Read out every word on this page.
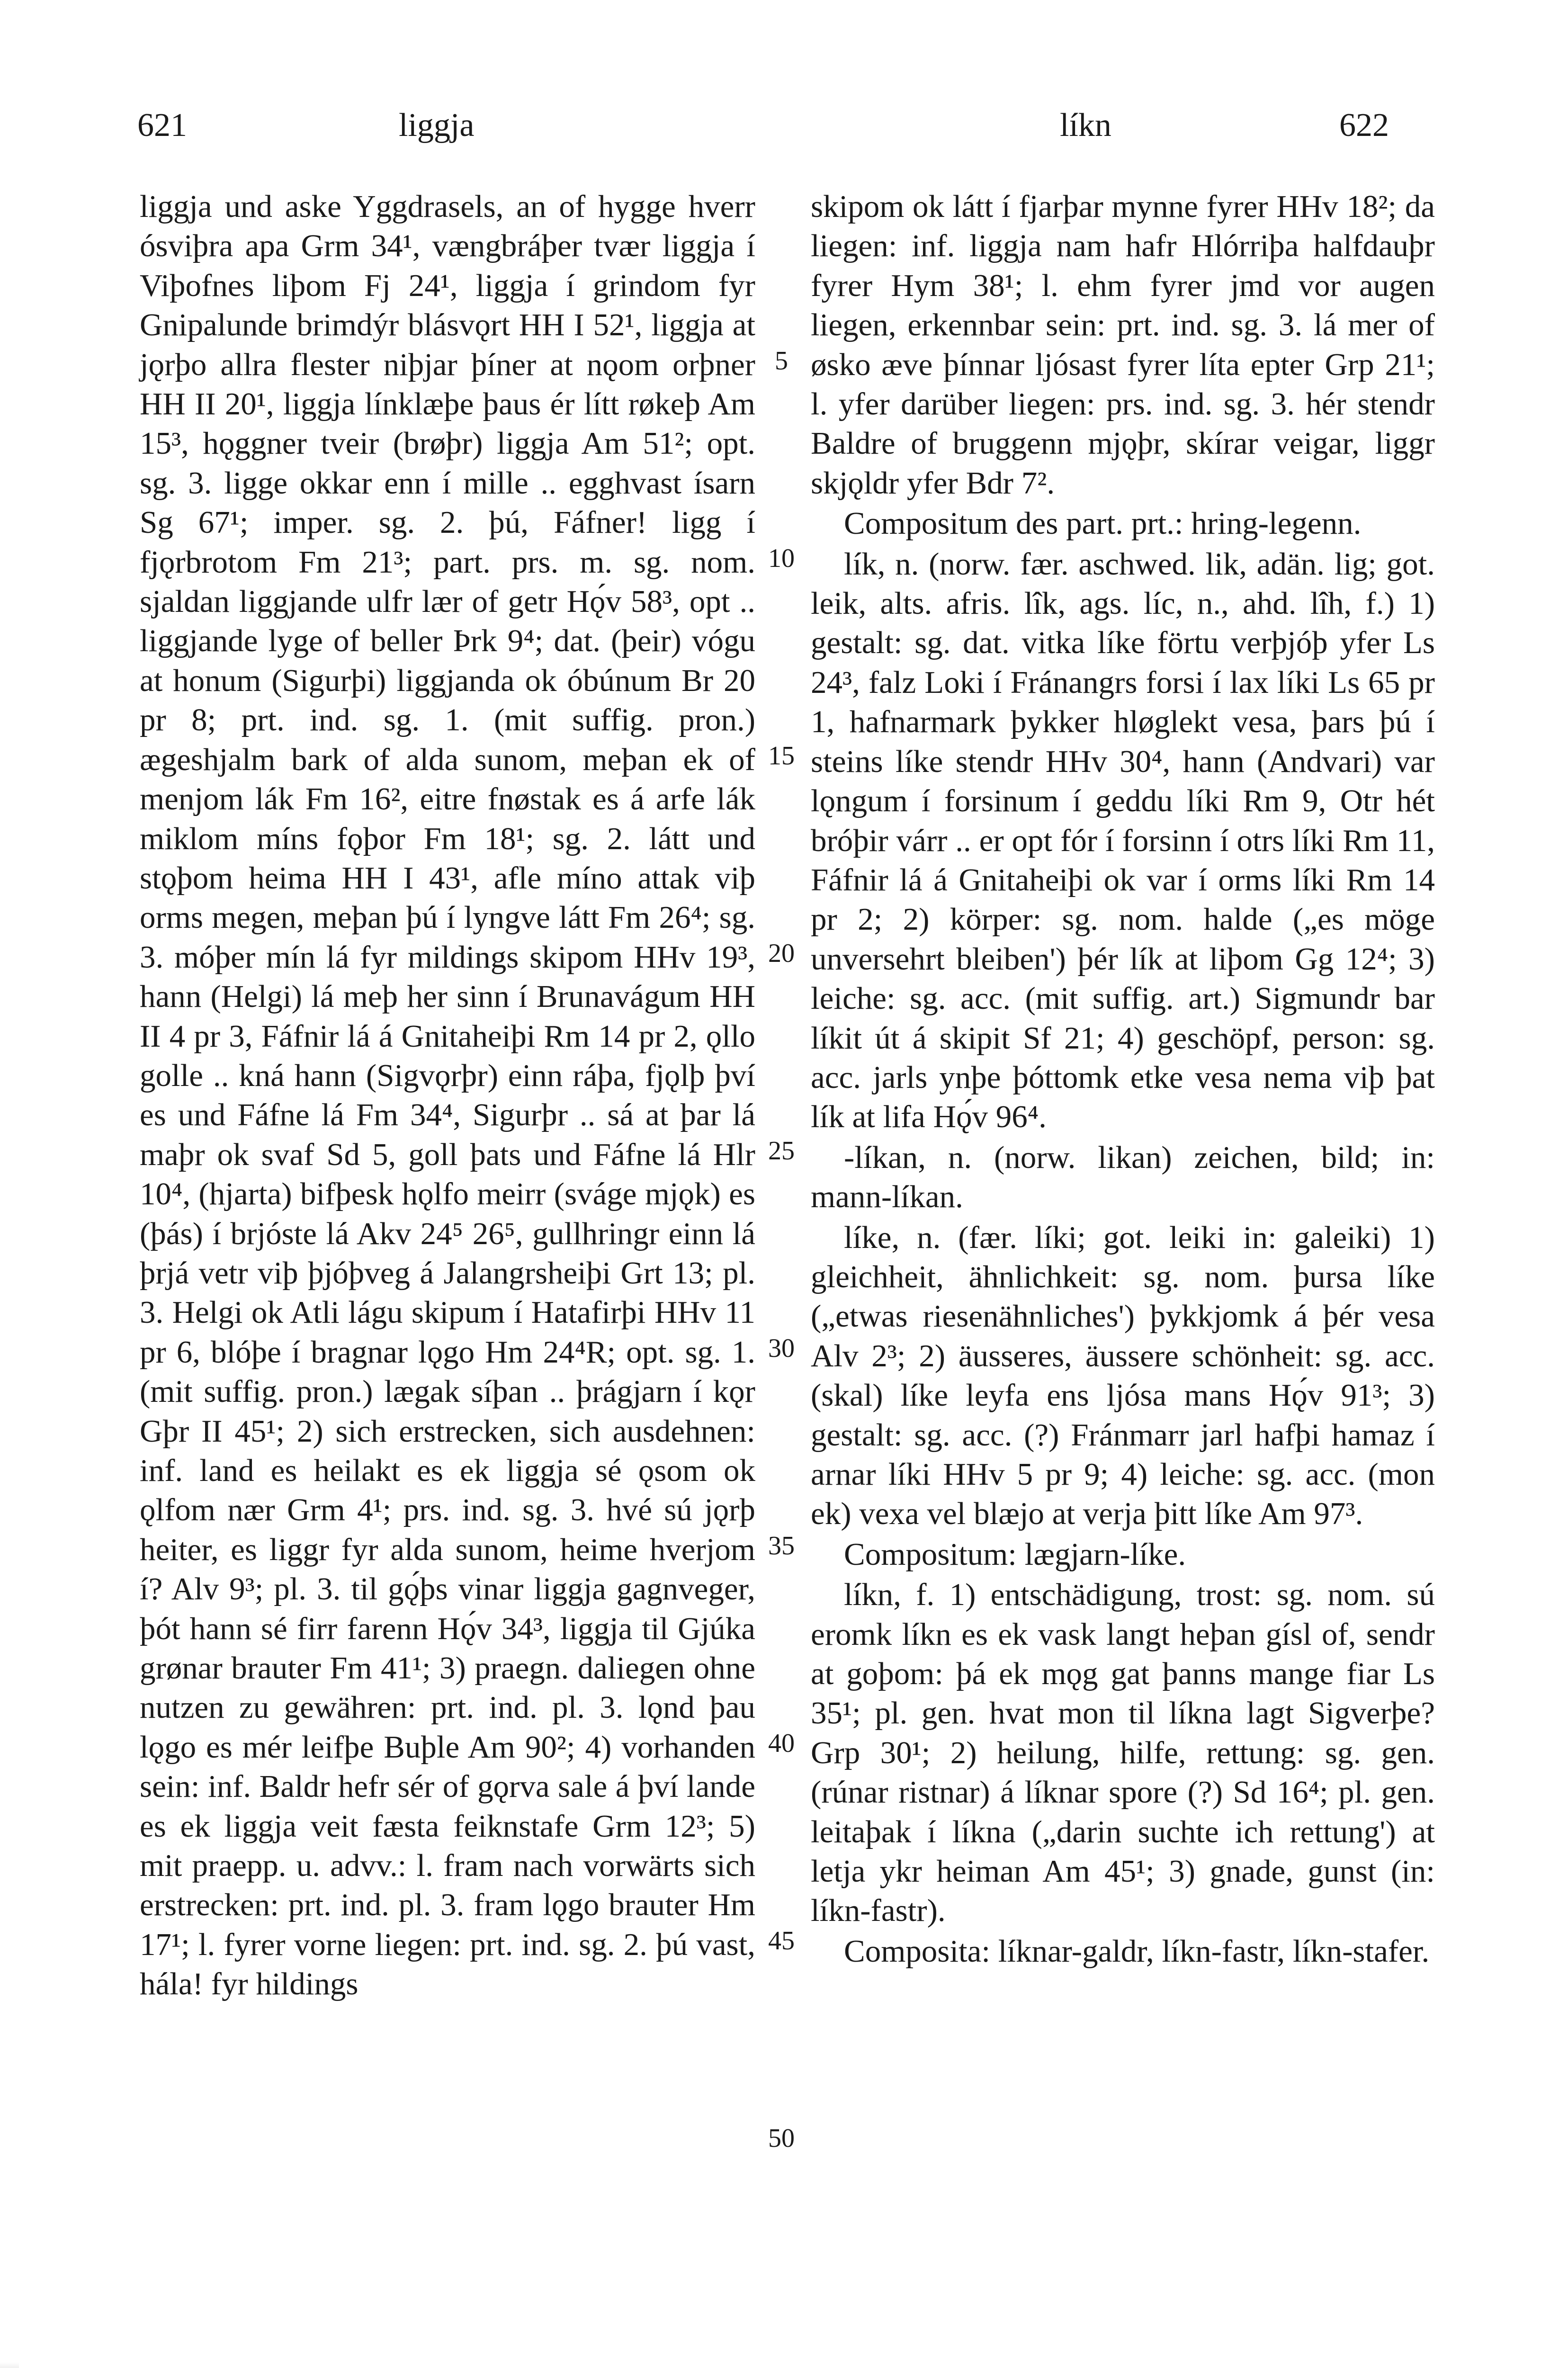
621	liggja	líkn	622

liggja und aske Yggdrasels, an of hygge hverr ósviþra apa Grm 34¹, vængbráþer tvær liggja í Viþofnes liþom Fj 24¹, liggja í grindom fyr Gnipalunde brimdýr blásvǫrt HH I 52¹, liggja at jǫrþo allra flester niþjar þíner at nǫom orþner HH II 20¹, liggja línklæþe þaus ér lítt røkeþ Am 15³, hǫggner tveir (brøþr) liggja Am 51²; opt. sg. 3. ligge okkar enn í mille .. egghvast ísarn Sg 67¹; imper. sg. 2. þú, Fáfner! ligg í fjǫrbrotom Fm 21³; part. prs. m. sg. nom. sjaldan liggjande ulfr lær of getr Hǫ́v 58³, opt .. liggjande lyge of beller Þrk 9⁴; dat. (þeir) vógu at honum (Sigurþi) liggjanda ok óbúnum Br 20 pr 8; prt. ind. sg. 1. (mit suffig. pron.) ægeshjalm bark of alda sunom, meþan ek of menjom lák Fm 16², eitre fnøstak es á arfe lák miklom míns fǫþor Fm 18¹; sg. 2. látt und stǫþom heima HH I 43¹, afle míno attak viþ orms megen, meþan þú í lyngve látt Fm 26⁴; sg. 3. móþer mín lá fyr mildings skipom HHv 19³, hann (Helgi) lá meþ her sinn í Brunavágum HH II 4 pr 3, Fáfnir lá á Gnitaheiþi Rm 14 pr 2, ǫllo golle .. kná hann (Sigvǫrþr) einn ráþa, fjǫlþ því es und Fáfne lá Fm 34⁴, Sigurþr .. sá at þar lá maþr ok svaf Sd 5, goll þats und Fáfne lá Hlr 10⁴, (hjarta) bifþesk hǫlfo meirr (sváge mjǫk) es (þás) í brjóste lá Akv 24⁵ 26⁵, gullhringr einn lá þrjá vetr viþ þjóþveg á Jalangrsheiþi Grt 13; pl. 3. Helgi ok Atli lágu skipum í Hatafirþi HHv 11 pr 6, blóþe í bragnar lǫgo Hm 24⁴R; opt. sg. 1. (mit suffig. pron.) lægak síþan .. þrágjarn í kǫr Gþr II 45¹; 2) sich erstrecken, sich ausdehnen: inf. land es heilakt es ek liggja sé ǫsom ok ǫlfom nær Grm 4¹; prs. ind. sg. 3. hvé sú jǫrþ heiter, es liggr fyr alda sunom, heime hverjom í? Alv 9³; pl. 3. til gǫ́þs vinar liggja gagnveger, þót hann sé firr farenn Hǫ́v 34³, liggja til Gjúka grønar brauter Fm 41¹; 3) praegn. daliegen ohne nutzen zu gewähren: prt. ind. pl. 3. lǫnd þau lǫgo es mér leifþe Buþle Am 90²; 4) vorhanden sein: inf. Baldr hefr sér of gǫrva sale á því lande es ek liggja veit fæsta feiknstafe Grm 12³; 5) mit praepp. u. advv.: l. fram nach vorwärts sich erstrecken: prt. ind. pl. 3. fram lǫgo brauter Hm 17¹; l. fyrer vorne liegen: prt. ind. sg. 2. þú vast, hála! fyr hildings

skipom ok látt í fjarþar mynne fyrer HHv 18²; da liegen: inf. liggja nam hafr Hlórriþa halfdauþr fyrer Hym 38¹; l. ehm fyrer jmd vor augen liegen, erkennbar sein: prt. ind. sg. 3. lá mer of øsko æve þínnar ljósast fyrer líta epter Grp 21¹; l. yfer darüber liegen: prs. ind. sg. 3. hér stendr Baldre of bruggenn mjǫþr, skírar veigar, liggr skjǫldr yfer Bdr 7².

Compositum des part. prt.: hring-legenn.

lík, n. (norw. fær. aschwed. lik, adän. lig; got. leik, alts. afris. lîk, ags. líc, n., ahd. lîh, f.) 1) gestalt: sg. dat. vitka líke förtu verþjóþ yfer Ls 24³, falz Loki í Fránangrs forsi í lax líki Ls 65 pr 1, hafnarmark þykker hløglekt vesa, þars þú í steins líke stendr HHv 30⁴, hann (Andvari) var lǫngum í forsinum í geddu líki Rm 9, Otr hét bróþir várr .. er opt fór í forsinn í otrs líki Rm 11, Fáfnir lá á Gnitaheiþi ok var í orms líki Rm 14 pr 2; 2) körper: sg. nom. halde („es möge unversehrt bleiben') þér lík at liþom Gg 12⁴; 3) leiche: sg. acc. (mit suffig. art.) Sigmundr bar líkit út á skipit Sf 21; 4) geschöpf, person: sg. acc. jarls ynþe þóttomk etke vesa nema viþ þat lík at lifa Hǫ́v 96⁴.

-líkan, n. (norw. likan) zeichen, bild; in: mann-líkan.

líke, n. (fær. líki; got. leiki in: galeiki) 1) gleichheit, ähnlichkeit: sg. nom. þursa líke („etwas riesenähnliches') þykkjomk á þér vesa Alv 2³; 2) äusseres, äussere schönheit: sg. acc. (skal) líke leyfa ens ljósa mans Hǫ́v 91³; 3) gestalt: sg. acc. (?) Fránmarr jarl hafþi hamaz í arnar líki HHv 5 pr 9; 4) leiche: sg. acc. (mon ek) vexa vel blæjo at verja þitt líke Am 97³.

Compositum: lægjarn-líke.

líkn, f. 1) entschädigung, trost: sg. nom. sú eromk líkn es ek vask langt heþan gísl of, sendr at goþom: þá ek mǫg gat þanns mange fiar Ls 35¹; pl. gen. hvat mon til líkna lagt Sigverþe? Grp 30¹; 2) heilung, hilfe, rettung: sg. gen. (rúnar ristnar) á líknar spore (?) Sd 16⁴; pl. gen. leitaþak í líkna („darin suchte ich rettung') at letja ykr heiman Am 45¹; 3) gnade, gunst (in: líkn-fastr).

Composita: líknar-galdr, líkn-fastr, líkn-stafer.

5
10
15
20
25
30
35
40
45
50
